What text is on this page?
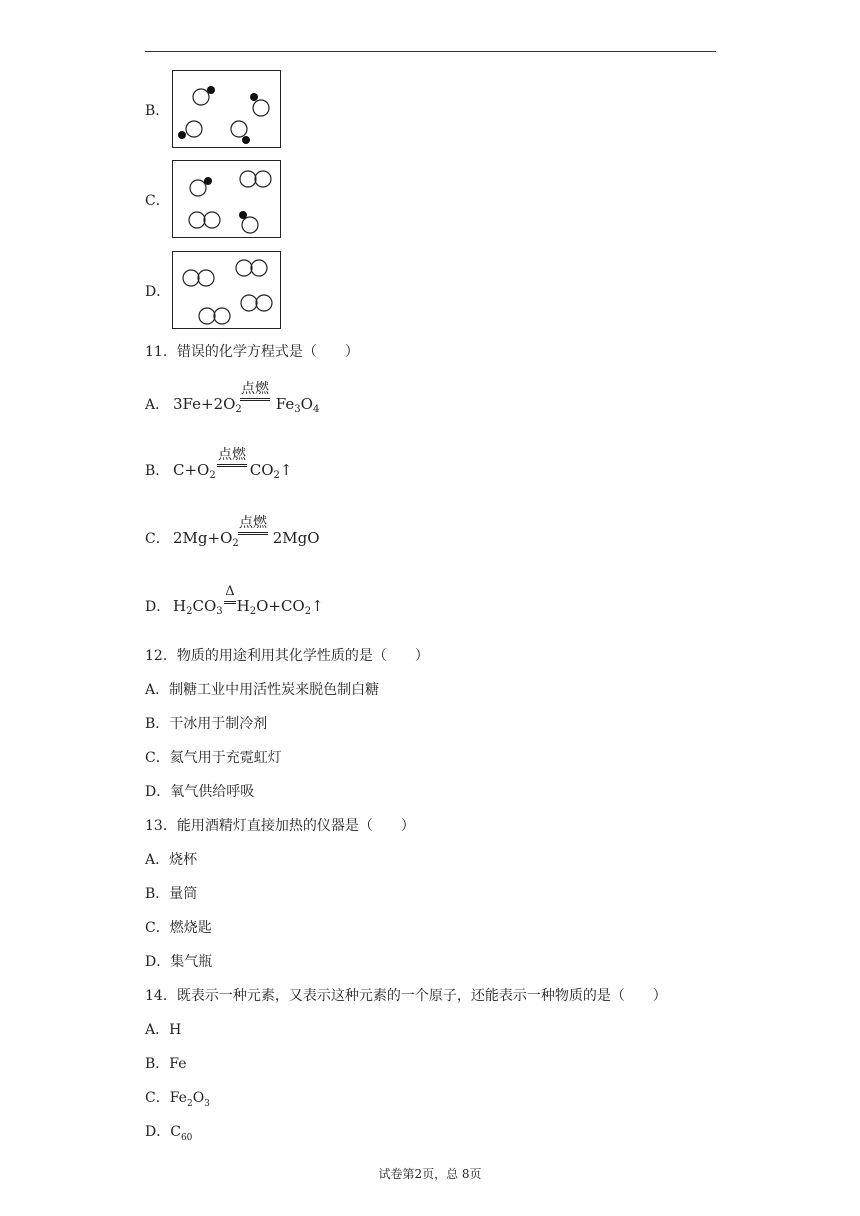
B．
C．
D．
11．错误的化学方程式是（　　）
点燃
A． $3Fe+2O_2$ $Fe_3O_4$
点燃
B． $C+O_2$ $CO_2↑$
点燃
C． $2Mg+O_2$ 2MgO
Δ
D． $H_2CO_3$ $H_2O+CO_2↑$
12．物质的用途利用其化学性质的是（　　）
A．制糖工业中用活性炭来脱色制白糖
B．干冰用于制冷剂
C．氦气用于充霓虹灯
D．氧气供给呼吸
13．能用酒精灯直接加热的仪器是（　　）
A．烧杯
B．量筒
C．燃烧匙
D．集气瓶
14．既表示一种元素，又表示这种元素的一个原子，还能表示一种物质的是（　　）
A．H
B．Fe
C．$Fe_2O_3$
D．$C_{60}$
试卷第2页，总 8页
